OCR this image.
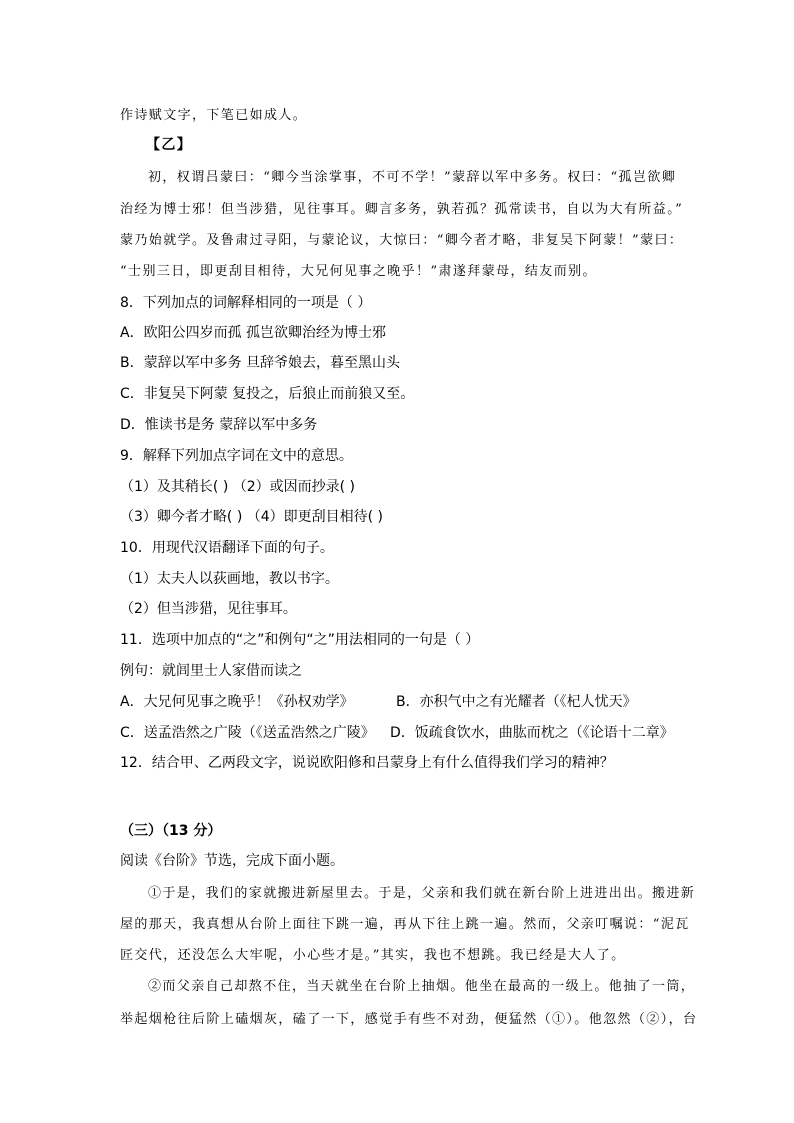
作诗赋文字，下笔已如成人。
【乙】
初，权谓吕蒙曰：“卿今当涂掌事，不可不学！”蒙辞以军中多务。权曰：“孤岂欲卿
治经为博士邪！但当涉猎，见往事耳。卿言多务，孰若孤？孤常读书，自以为大有所益。”
蒙乃始就学。及鲁肃过寻阳，与蒙论议，大惊曰：“卿今者才略，非复吴下阿蒙！”蒙曰：
“士别三日，即更刮目相待，大兄何见事之晚乎！”肃遂拜蒙母，结友而别。
8．下列加点的词解释相同的一项是（ ）
A．欧阳公四岁而孤 孤岂欲卿治经为博士邪
B．蒙辞以军中多务 旦辞爷娘去，暮至黑山头
C．非复吴下阿蒙 复投之，后狼止而前狼又至。
D．惟读书是务 蒙辞以军中多务
9．解释下列加点字词在文中的意思。
（1）及其稍长( ) （2）或因而抄录( )
（3）卿今者才略( ) （4）即更刮目相待( )
10．用现代汉语翻译下面的句子。
（1）太夫人以荻画地，教以书字。
（2）但当涉猎，见往事耳。
11．选项中加点的“之”和例句“之”用法相同的一句是（ ）
例句：就闾里士人家借而读之
A．大兄何见事之晚乎！《孙权劝学》	B．亦积气中之有光耀者（《杞人忧天》
C．送孟浩然之广陵（《送孟浩然之广陵》 D．饭疏食饮水，曲肱而枕之（《论语十二章》
12．结合甲、乙两段文字，说说欧阳修和吕蒙身上有什么值得我们学习的精神？
（三）（13 分）
阅读《台阶》节选，完成下面小题。
①于是，我们的家就搬进新屋里去。于是，父亲和我们就在新台阶上进进出出。搬进新
屋的那天，我真想从台阶上面往下跳一遍，再从下往上跳一遍。然而，父亲叮嘱说：“泥瓦
匠交代，还没怎么大牢呢，小心些才是。”其实，我也不想跳。我已经是大人了。
②而父亲自己却熬不住，当天就坐在台阶上抽烟。他坐在最高的一级上。他抽了一筒，
举起烟枪往后阶上磕烟灰，磕了一下，感觉手有些不对劲，便猛然（①）。他忽然（②），台
